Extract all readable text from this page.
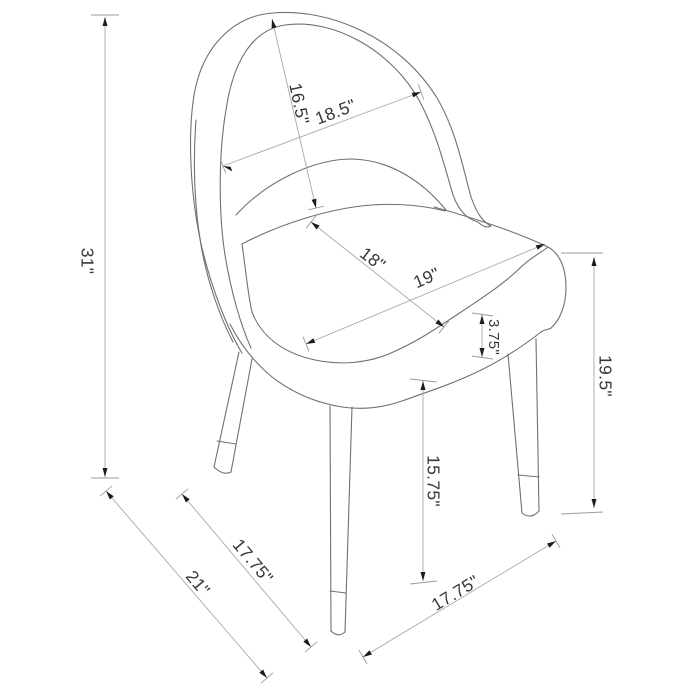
31"
16.5"
18.5"
18"
19"
3.75"
19.5"
15.75"
21" 17.75"
17.75"
